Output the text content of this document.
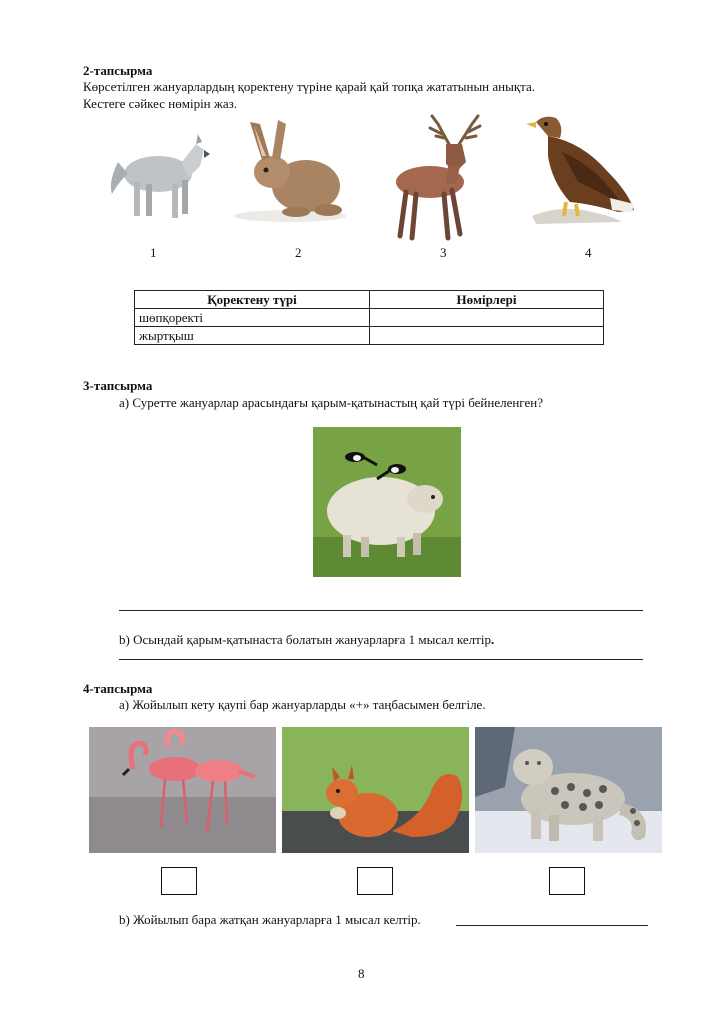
2-тапсырма
Көрсетілген жануарлардың қоректену түріне қарай қай топқа жататынын анықта.
Кестеге сәйкес нөмірін жаз.
1	2	3	4
Қоректену түрі	Нөмірлері
шөпқоректі	
жыртқыш	
3-тапсырма
a) Суретте жануарлар арасындағы қарым-қатынастың қай түрі бейнеленген?
b) Осындай қарым-қатынаста болатын жануарларға 1 мысал келтір.
4-тапсырма
a) Жойылып кету қаупі бар жануарларды «+» таңбасымен белгіле.
b) Жойылып бара жатқан жануарларға 1 мысал келтір.
8
